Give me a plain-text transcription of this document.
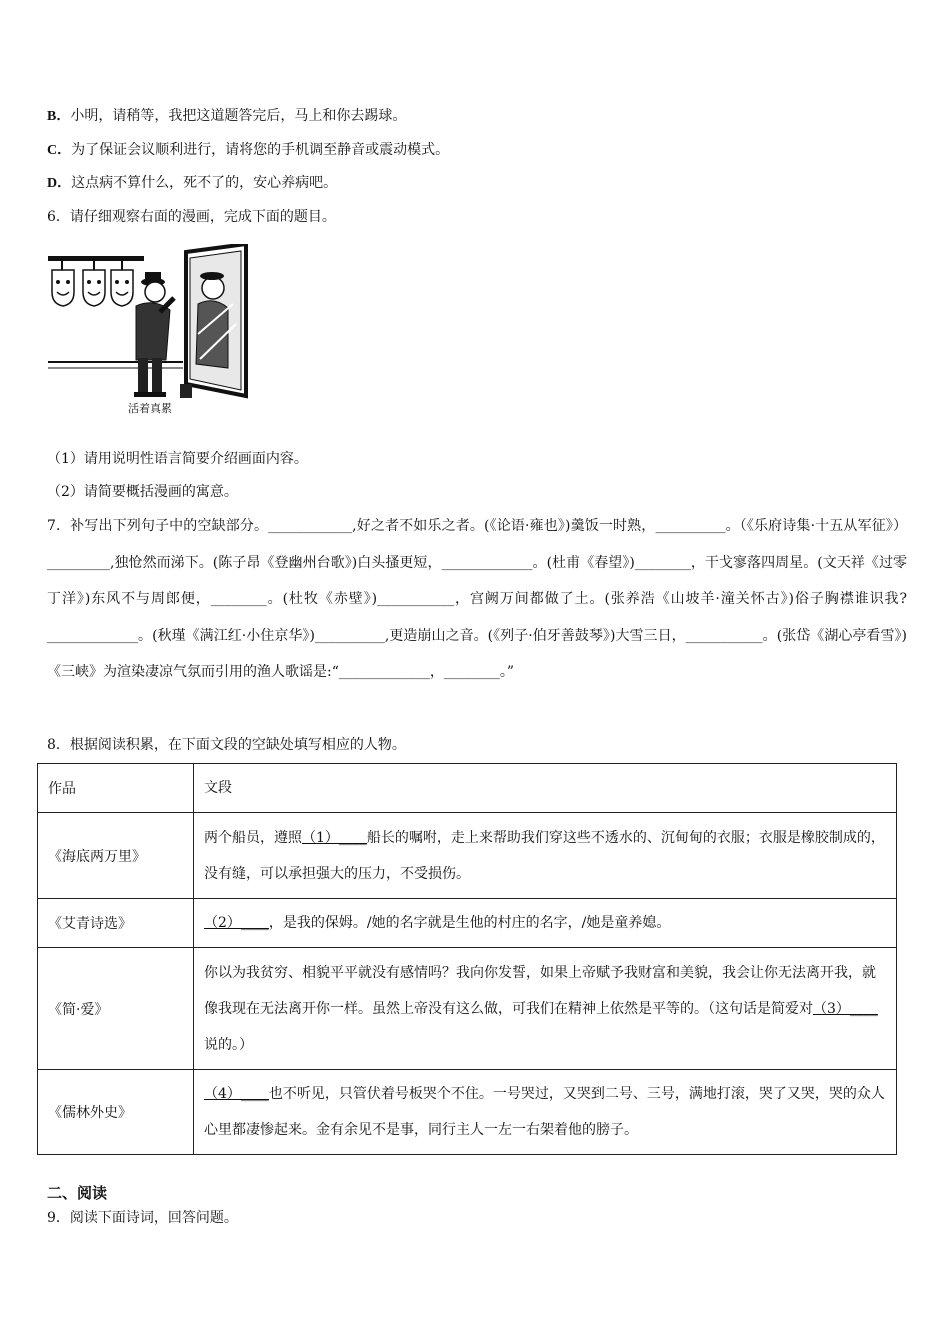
B．小明，请稍等，我把这道题答完后，马上和你去踢球。
C．为了保证会议顺利进行，请将您的手机调至静音或震动模式。
D．这点病不算什么，死不了的，安心养病吧。
6．请仔细观察右面的漫画，完成下面的题目。
活着真累
（1）请用说明性语言简要介绍画面内容。
（2）请简要概括漫画的寓意。
7．补写出下列句子中的空缺部分。____________,好之者不如乐之者。(《论语·雍也》)羹饭一时熟，__________。（《乐府诗集·十五从军征》）_________,独怆然而涕下。(陈子昂《登幽州台歌》)白头搔更短，_____________。(杜甫《春望》)________，干戈寥落四周星。(文天祥《过零丁洋》)东风不与周郎便，________。(杜牧《赤壁》)___________，宫阙万间都做了土。(张养浩《山坡羊·潼关怀古》)俗子胸襟谁识我?_____________。(秋瑾《满江红·小住京华》)__________,更造崩山之音。(《列子·伯牙善鼓琴》)大雪三日，___________。(张岱《湖心亭看雪》)《三峡》为渲染凄凉气氛而引用的渔人歌谣是:“_____________，________。”
8．根据阅读积累，在下面文段的空缺处填写相应的人物。
作品	文段
《海底两万里》	两个船员，遵照（1）____船长的嘱咐，走上来帮助我们穿这些不透水的、沉甸甸的衣服；衣服是橡胶制成的，没有缝，可以承担强大的压力，不受损伤。
《艾青诗选》	（2）____，是我的保姆。/她的名字就是生他的村庄的名字，/她是童养媳。
《简·爱》	你以为我贫穷、相貌平平就没有感情吗？我向你发誓，如果上帝赋予我财富和美貌，我会让你无法离开我，就像我现在无法离开你一样。虽然上帝没有这么做，可我们在精神上依然是平等的。（这句话是简爱对（3）____说的。）
《儒林外史》	（4）____也不听见，只管伏着号板哭个不住。一号哭过，又哭到二号、三号，满地打滚，哭了又哭，哭的众人心里都凄惨起来。金有余见不是事，同行主人一左一右架着他的膀子。
二、阅读
9．阅读下面诗词，回答问题。
